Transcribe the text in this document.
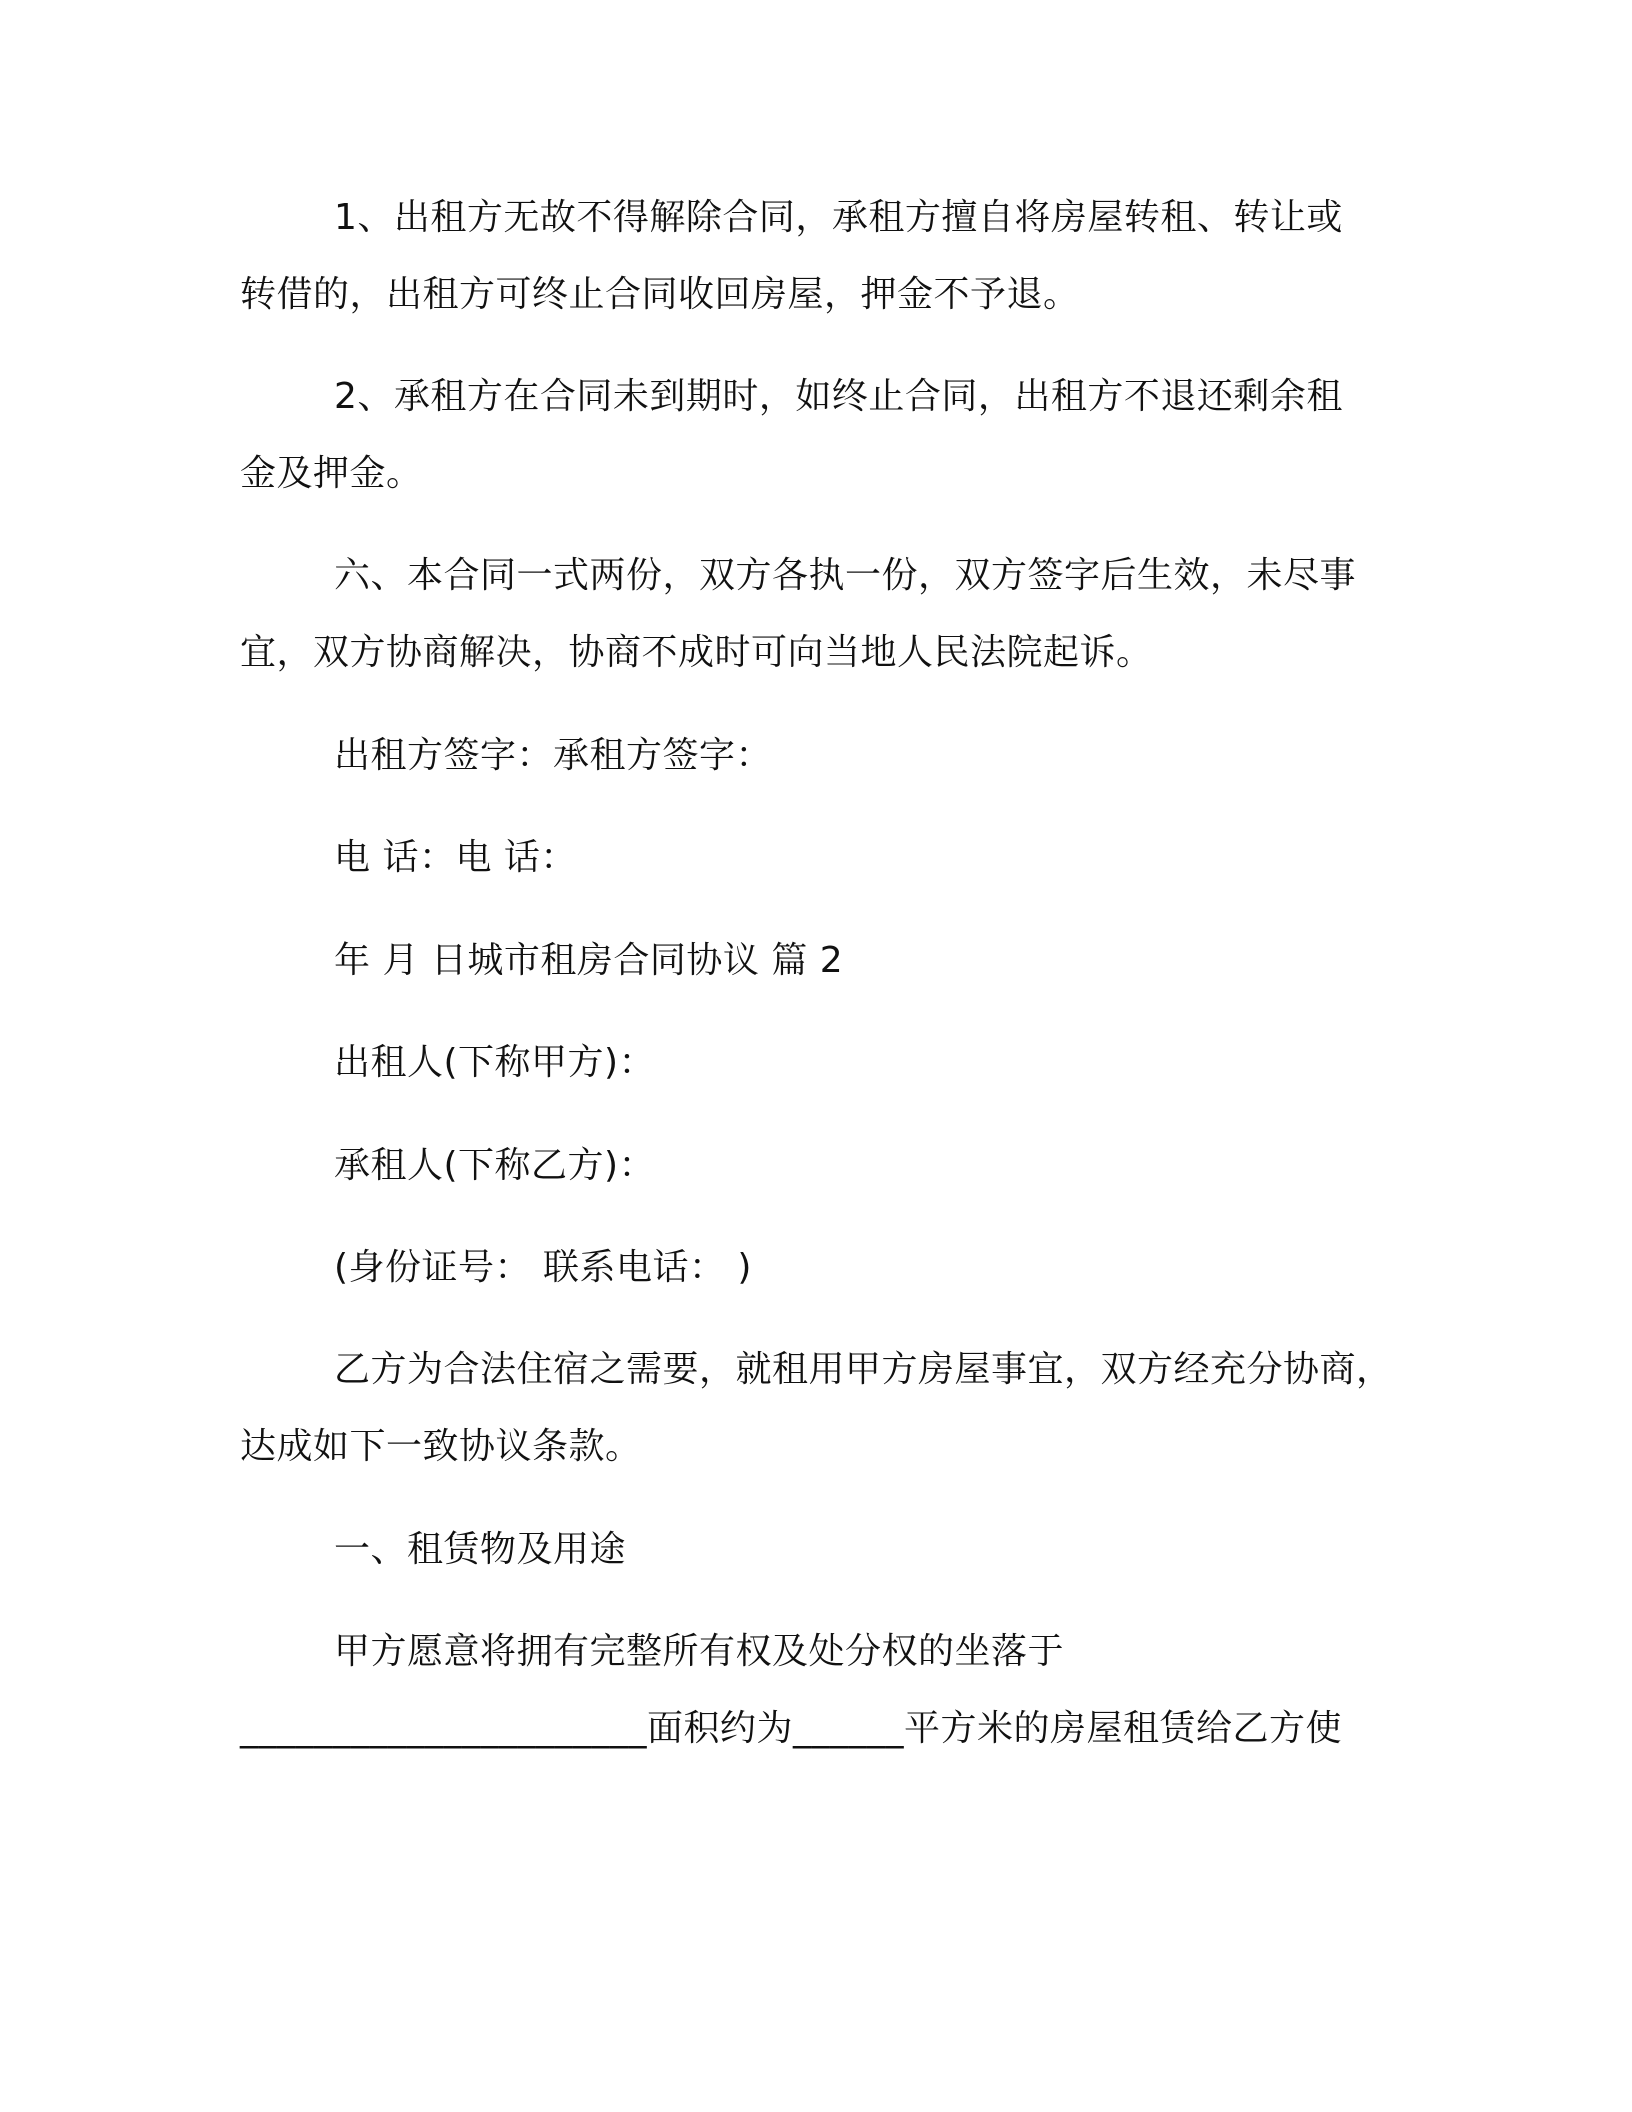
1、出租方无故不得解除合同，承租方擅自将房屋转租、转让或
转借的，出租方可终止合同收回房屋，押金不予退。
2、承租方在合同未到期时，如终止合同，出租方不退还剩余租
金及押金。
六、本合同一式两份，双方各执一份，双方签字后生效，未尽事
宜，双方协商解决，协商不成时可向当地人民法院起诉。
出租方签字：承租方签字：
电 话：电 话：
年 月 日城市租房合同协议 篇 2
出租人(下称甲方)：
承租人(下称乙方)：
(身份证号： 联系电话： )
乙方为合法住宿之需要，就租用甲方房屋事宜，双方经充分协商，
达成如下一致协议条款。
一、租赁物及用途
甲方愿意将拥有完整所有权及处分权的坐落于
______________________面积约为______平方米的房屋租赁给乙方使
